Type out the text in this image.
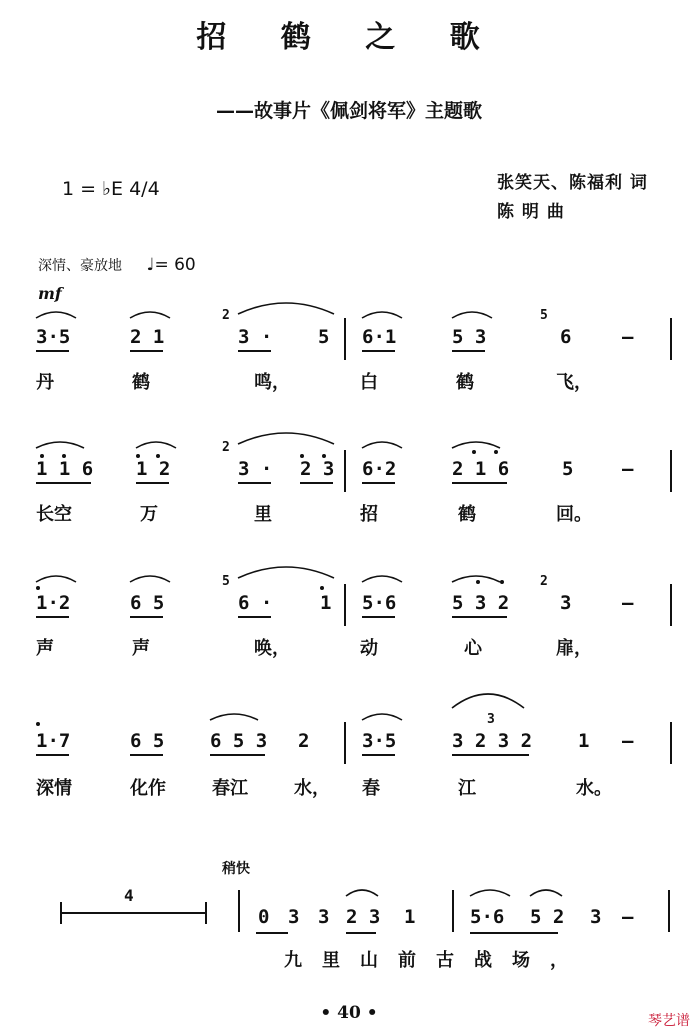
招 鹤 之 歌
——故事片《佩剑将军》主题歌
1 = ♭E 4/4	张笑天、陈福利 词
陈 明 曲
深情、豪放地 ♩= 60
mf
3·5	2 1	3 · 5 6·1	5 3	6	—
2	5
丹	鹤	鸣，	白	鹤	飞，
1 1 6 1 2	3 · 2 3 6·2	2 1 6	5	—
2
长空	万	里	招	鹤	回。
1·2	6 5	6 ·	1 5·6	5 3 2	3	—
5	2
声	声	唤，	动	心	扉，
1·7	6 5 6 5 3 2	3·5	3 2 3 2 1 —
深情	化作	春江	水， 春	江	水。
稍快
4
0 3 3 2 3 1	5·6 5 2 3 —
九里山前古战场，
3
• 40 •	琴艺谱
